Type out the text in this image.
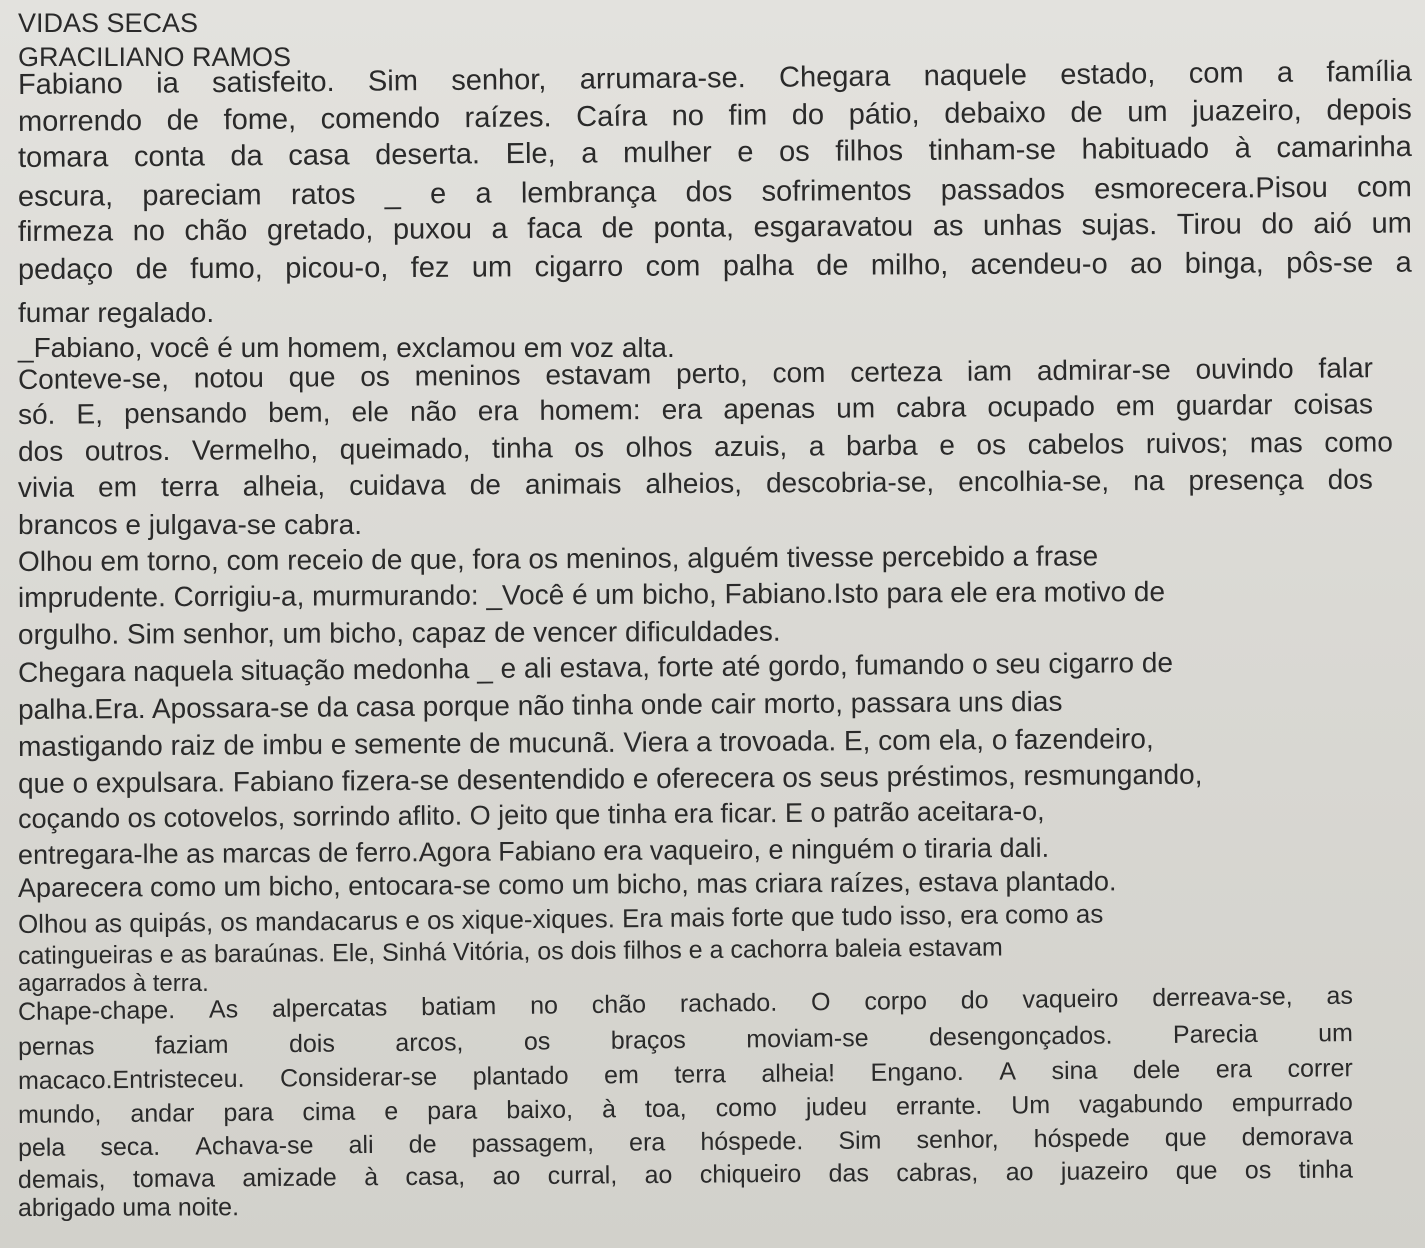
VIDAS SECAS
GRACILIANO RAMOS
Fabiano ia satisfeito. Sim senhor, arrumara-se. Chegara naquele estado, com a família
morrendo de fome, comendo raízes. Caíra no fim do pátio, debaixo de um juazeiro, depois
tomara conta da casa deserta. Ele, a mulher e os filhos tinham-se habituado à camarinha
escura, pareciam ratos _ e a lembrança dos sofrimentos passados esmorecera.Pisou com
firmeza no chão gretado, puxou a faca de ponta, esgaravatou as unhas sujas. Tirou do aió um
pedaço de fumo, picou-o, fez um cigarro com palha de milho, acendeu-o ao binga, pôs-se a
fumar regalado.
_Fabiano, você é um homem, exclamou em voz alta.
Conteve-se, notou que os meninos estavam perto, com certeza iam admirar-se ouvindo falar
só. E, pensando bem, ele não era homem: era apenas um cabra ocupado em guardar coisas
dos outros. Vermelho, queimado, tinha os olhos azuis, a barba e os cabelos ruivos; mas como
vivia em terra alheia, cuidava de animais alheios, descobria-se, encolhia-se, na presença dos
brancos e julgava-se cabra.
Olhou em torno, com receio de que, fora os meninos, alguém tivesse percebido a frase
imprudente. Corrigiu-a, murmurando: _Você é um bicho, Fabiano.Isto para ele era motivo de
orgulho. Sim senhor, um bicho, capaz de vencer dificuldades.
Chegara naquela situação medonha _ e ali estava, forte até gordo, fumando o seu cigarro de
palha.Era. Apossara-se da casa porque não tinha onde cair morto, passara uns dias
mastigando raiz de imbu e semente de mucunã. Viera a trovoada. E, com ela, o fazendeiro,
que o expulsara. Fabiano fizera-se desentendido e oferecera os seus préstimos, resmungando,
coçando os cotovelos, sorrindo aflito. O jeito que tinha era ficar. E o patrão aceitara-o,
entregara-lhe as marcas de ferro.Agora Fabiano era vaqueiro, e ninguém o tiraria dali.
Aparecera como um bicho, entocara-se como um bicho, mas criara raízes, estava plantado.
Olhou as quipás, os mandacarus e os xique-xiques. Era mais forte que tudo isso, era como as
catingueiras e as baraúnas. Ele, Sinhá Vitória, os dois filhos e a cachorra baleia estavam
agarrados à terra.
Chape-chape. As alpercatas batiam no chão rachado. O corpo do vaqueiro derreava-se, as
pernas faziam dois arcos, os braços moviam-se desengonçados. Parecia um
macaco.Entristeceu. Considerar-se plantado em terra alheia! Engano. A sina dele era correr
mundo, andar para cima e para baixo, à toa, como judeu errante. Um vagabundo empurrado
pela seca. Achava-se ali de passagem, era hóspede. Sim senhor, hóspede que demorava
demais, tomava amizade à casa, ao curral, ao chiqueiro das cabras, ao juazeiro que os tinha
abrigado uma noite.
